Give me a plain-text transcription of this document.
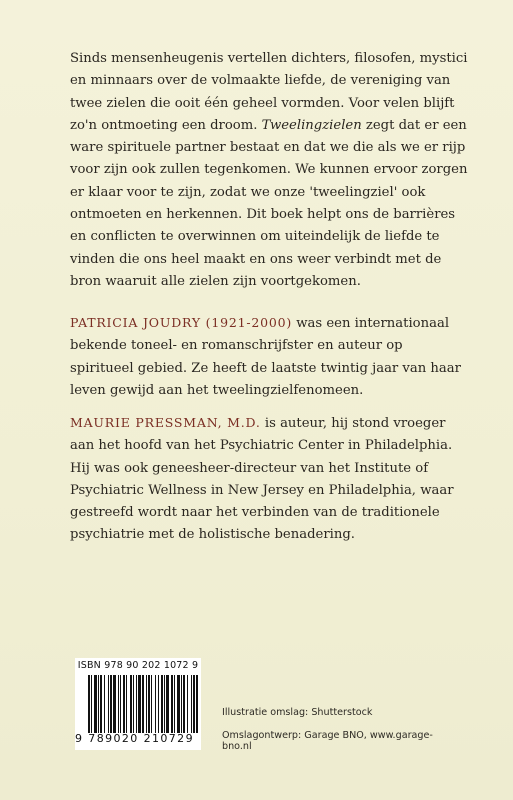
Sinds mensenheugenis vertellen dichters, filosofen, mystici en minnaars over de volmaakte liefde, de vereniging van twee zielen die ooit één geheel vormden. Voor velen blijft zo'n ontmoeting een droom. Tweelingzielen zegt dat er een ware spirituele partner bestaat en dat we die als we er rijp voor zijn ook zullen tegenkomen. We kunnen ervoor zorgen er klaar voor te zijn, zodat we onze 'tweelingziel' ook ontmoeten en herkennen. Dit boek helpt ons de barrières en conflicten te overwinnen om uiteindelijk de liefde te vinden die ons heel maakt en ons weer verbindt met de bron waaruit alle zielen zijn voortgekomen.

PATRICIA JOUDRY (1921-2000) was een internationaal bekende toneel- en romanschrijfster en auteur op spiritueel gebied. Ze heeft de laatste twintig jaar van haar leven gewijd aan het tweelingzielfenomeen.

MAURIE PRESSMAN, M.D. is auteur, hij stond vroeger aan het hoofd van het Psychiatric Center in Philadelphia. Hij was ook geneesheer-directeur van het Institute of Psychiatric Wellness in New Jersey en Philadelphia, waar gestreefd wordt naar het verbinden van de traditionele psychiatrie met de holistische benadering.

ISBN 978 90 202 1072 9
9 789020 210729
Illustratie omslag: Shutterstock
Omslagontwerp: Garage BNO, www.garage-bno.nl
